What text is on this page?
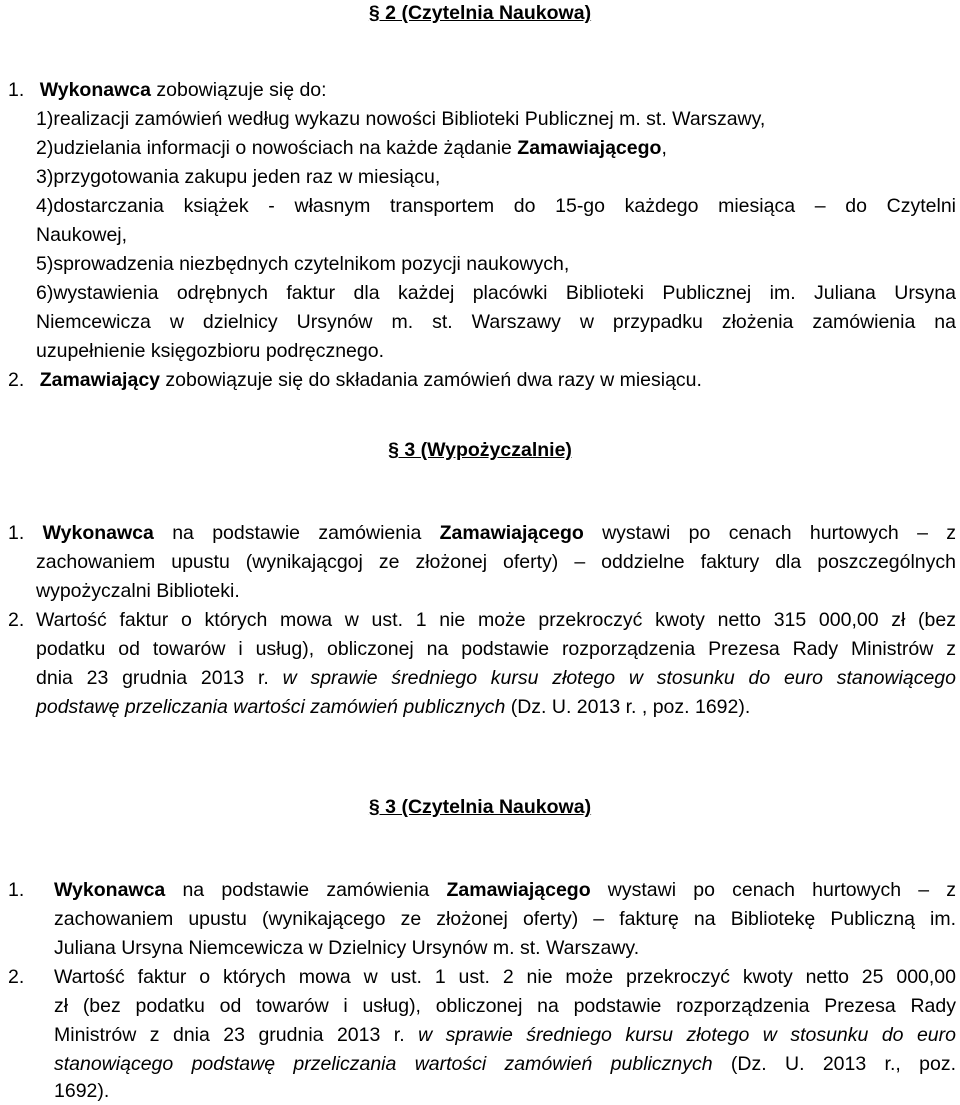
§ 2 (Czytelnia Naukowa)
1. Wykonawca zobowiązuje się do:
1)realizacji zamówień według wykazu nowości Biblioteki Publicznej m. st. Warszawy,
2)udzielania informacji o nowościach na każde żądanie Zamawiającego,
3)przygotowania zakupu jeden raz w miesiącu,
4)dostarczania książek - własnym transportem do 15-go każdego miesiąca – do Czytelni
Naukowej,
5)sprowadzenia niezbędnych czytelnikom pozycji naukowych,
6)wystawienia odrębnych faktur dla każdej placówki Biblioteki Publicznej im. Juliana Ursyna
Niemcewicza w dzielnicy Ursynów m. st. Warszawy w przypadku złożenia zamówienia na
uzupełnienie księgozbioru podręcznego.
2. Zamawiający zobowiązuje się do składania zamówień dwa razy w miesiącu.
§ 3 (Wypożyczalnie)
1. Wykonawca na podstawie zamówienia Zamawiającego wystawi po cenach hurtowych – z
zachowaniem upustu (wynikającgoj ze złożonej oferty) – oddzielne faktury dla poszczególnych
wypożyczalni Biblioteki.
2. Wartość faktur o których mowa w ust. 1 nie może przekroczyć kwoty netto 315 000,00 zł (bez
podatku od towarów i usług), obliczonej na podstawie rozporządzenia Prezesa Rady Ministrów z
dnia 23 grudnia 2013 r. w sprawie średniego kursu złotego w stosunku do euro stanowiącego
podstawę przeliczania wartości zamówień publicznych (Dz. U. 2013 r. , poz. 1692).
§ 3 (Czytelnia Naukowa)
1. Wykonawca na podstawie zamówienia Zamawiającego wystawi po cenach hurtowych – z
zachowaniem upustu (wynikającego ze złożonej oferty) – fakturę na Bibliotekę Publiczną im.
Juliana Ursyna Niemcewicza w Dzielnicy Ursynów m. st. Warszawy.
2. Wartość faktur o których mowa w ust. 1 ust. 2 nie może przekroczyć kwoty netto 25 000,00
zł (bez podatku od towarów i usług), obliczonej na podstawie rozporządzenia Prezesa Rady
Ministrów z dnia 23 grudnia 2013 r. w sprawie średniego kursu złotego w stosunku do euro
stanowiącego podstawę przeliczania wartości zamówień publicznych (Dz. U. 2013 r., poz.
1692).
